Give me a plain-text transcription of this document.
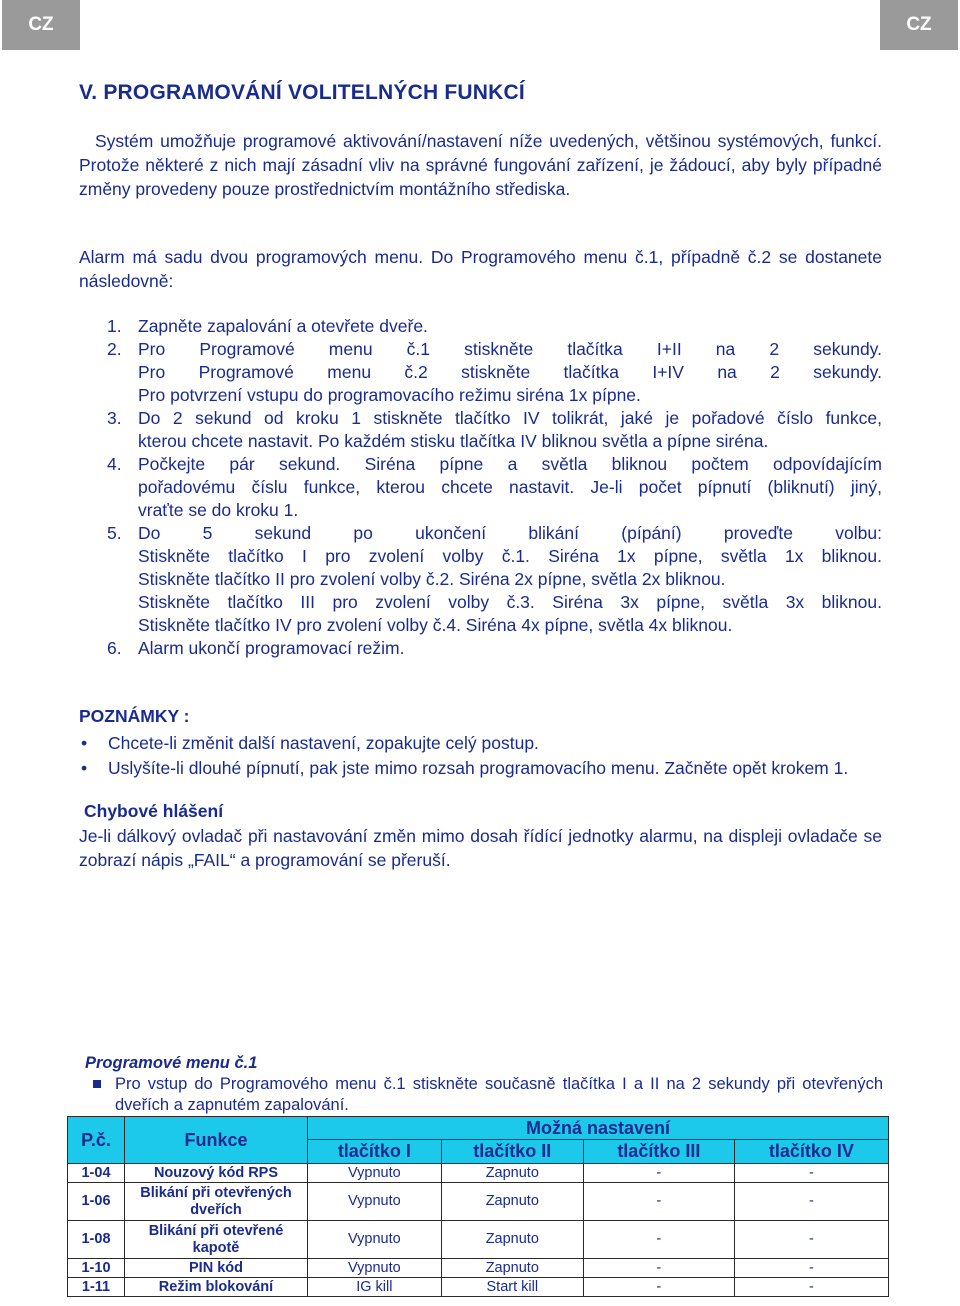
CZ	CZ
V. PROGRAMOVÁNÍ VOLITELNÝCH FUNKCÍ

Systém umožňuje programové aktivování/nastavení níže uvedených, většinou systémových, funkcí. Protože některé z nich mají zásadní vliv na správné fungování zařízení, je žádoucí, aby byly případné změny provedeny pouze prostřednictvím montážního střediska.

Alarm má sadu dvou programových menu. Do Programového menu č.1, případně č.2 se dostanete následovně:

1. Zapněte zapalování a otevřete dveře.
2. Pro Programové menu č.1 stiskněte tlačítka I+II na 2 sekundy.
Pro Programové menu č.2 stiskněte tlačítka I+IV na 2 sekundy.
Pro potvrzení vstupu do programovacího režimu siréna 1x pípne.
3. Do 2 sekund od kroku 1 stiskněte tlačítko IV tolikrát, jaké je pořadové číslo funkce,
kterou chcete nastavit. Po každém stisku tlačítka IV bliknou světla a pípne siréna.
4. Počkejte pár sekund. Siréna pípne a světla bliknou počtem odpovídajícím
pořadovému číslu funkce, kterou chcete nastavit. Je-li počet pípnutí (bliknutí) jiný,
vraťte se do kroku 1.
5. Do 5 sekund po ukončení blikání (pípání) proveďte volbu:
Stiskněte tlačítko I pro zvolení volby č.1. Siréna 1x pípne, světla 1x bliknou.
Stiskněte tlačítko II pro zvolení volby č.2. Siréna 2x pípne, světla 2x bliknou.
Stiskněte tlačítko III pro zvolení volby č.3. Siréna 3x pípne, světla 3x bliknou.
Stiskněte tlačítko IV pro zvolení volby č.4. Siréna 4x pípne, světla 4x bliknou.
6. Alarm ukončí programovací režim.
POZNÁMKY :
• Chcete-li změnit další nastavení, zopakujte celý postup.
• Uslyšíte-li dlouhé pípnutí, pak jste mimo rozsah programovacího menu. Začněte opět krokem 1.
Chybové hlášení

Je-li dálkový ovladač při nastavování změn mimo dosah řídící jednotky alarmu, na displeji ovladače se zobrazí nápis „FAIL“ a programování se přeruší.

Programové menu č.1
Pro vstup do Programového menu č.1 stiskněte současně tlačítka I a II na 2 sekundy při otevřených dveřích a zapnutém zapalování.
P.č.	Funkce	Možná nastavení			
		tlačítko I	tlačítko II	tlačítko III	tlačítko IV
1-04	Nouzový kód RPS	Vypnuto	Zapnuto	-	-
1-06	Blikání při otevřených dveřích	Vypnuto	Zapnuto	-	-
1-08	Blikání při otevřené kapotě	Vypnuto	Zapnuto	-	-
1-10	PIN kód	Vypnuto	Zapnuto	-	-
1-11	Režim blokování	IG kill	Start kill	-	-
